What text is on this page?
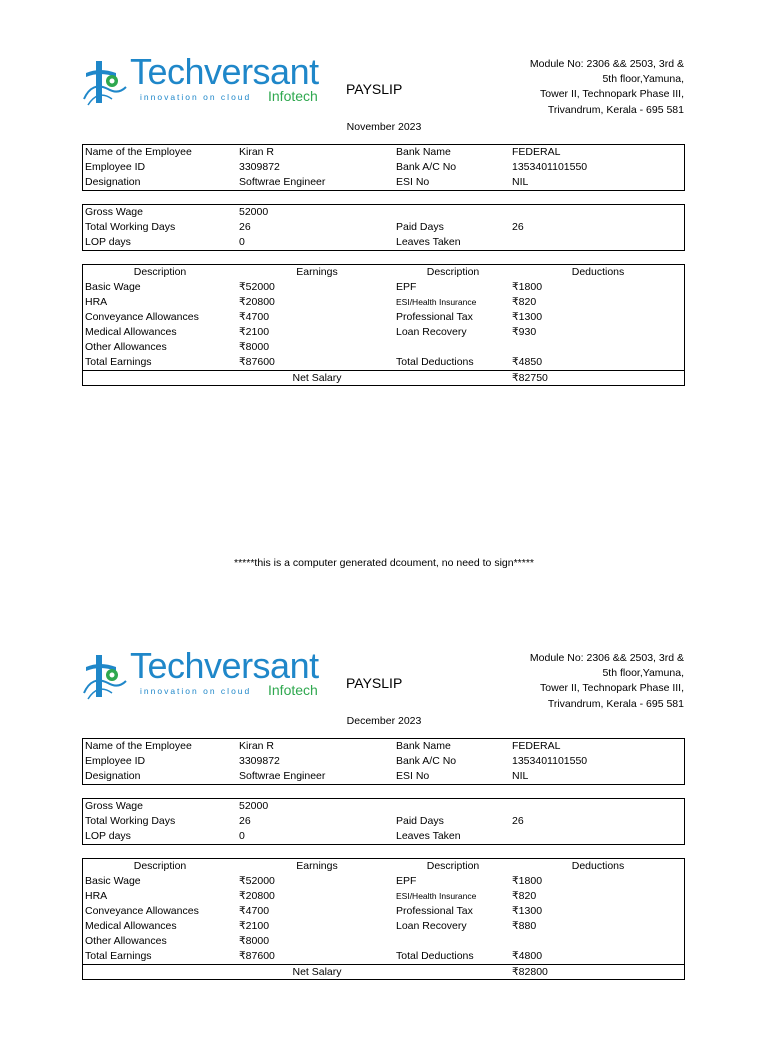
Techversant
innovation on cloud Infotech PAYSLIP
Module No: 2306 && 2503, 3rd &
5th floor,Yamuna,
Tower II, Technopark Phase III,
Trivandrum, Kerala - 695 581
November 2023
Name of the Employee	Kiran R	Bank Name	FEDERAL
Employee ID	3309872	Bank A/C No	1353401101550
Designation	Softwrae Engineer	ESI No	NIL
Gross Wage	52000
Total Working Days	26	Paid Days	26
LOP days	0	Leaves Taken
Description	Earnings	Description	Deductions
Basic Wage	₹52000	EPF	₹1800
HRA	₹20800	ESI/Health Insurance	₹820
Conveyance Allowances	₹4700	Professional Tax	₹1300
Medical Allowances	₹2100	Loan Recovery	₹930
Other Allowances	₹8000
Total Earnings	₹87600	Total Deductions	₹4850
Net Salary	₹82750
Techversant
innovation on cloud Infotech PAYSLIP
Module No: 2306 && 2503, 3rd &
5th floor,Yamuna,
Tower II, Technopark Phase III,
Trivandrum, Kerala - 695 581
December 2023
Name of the Employee	Kiran R	Bank Name	FEDERAL
Employee ID	3309872	Bank A/C No	1353401101550
Designation	Softwrae Engineer	ESI No	NIL
Gross Wage	52000
Total Working Days	26	Paid Days	26
LOP days	0	Leaves Taken
Description	Earnings	Description	Deductions
Basic Wage	₹52000	EPF	₹1800
HRA	₹20800	ESI/Health Insurance	₹820
Conveyance Allowances	₹4700	Professional Tax	₹1300
Medical Allowances	₹2100	Loan Recovery	₹880
Other Allowances	₹8000
Total Earnings	₹87600	Total Deductions	₹4800
Net Salary	₹82800
*****this is a computer generated dcoument, no need to sign*****
